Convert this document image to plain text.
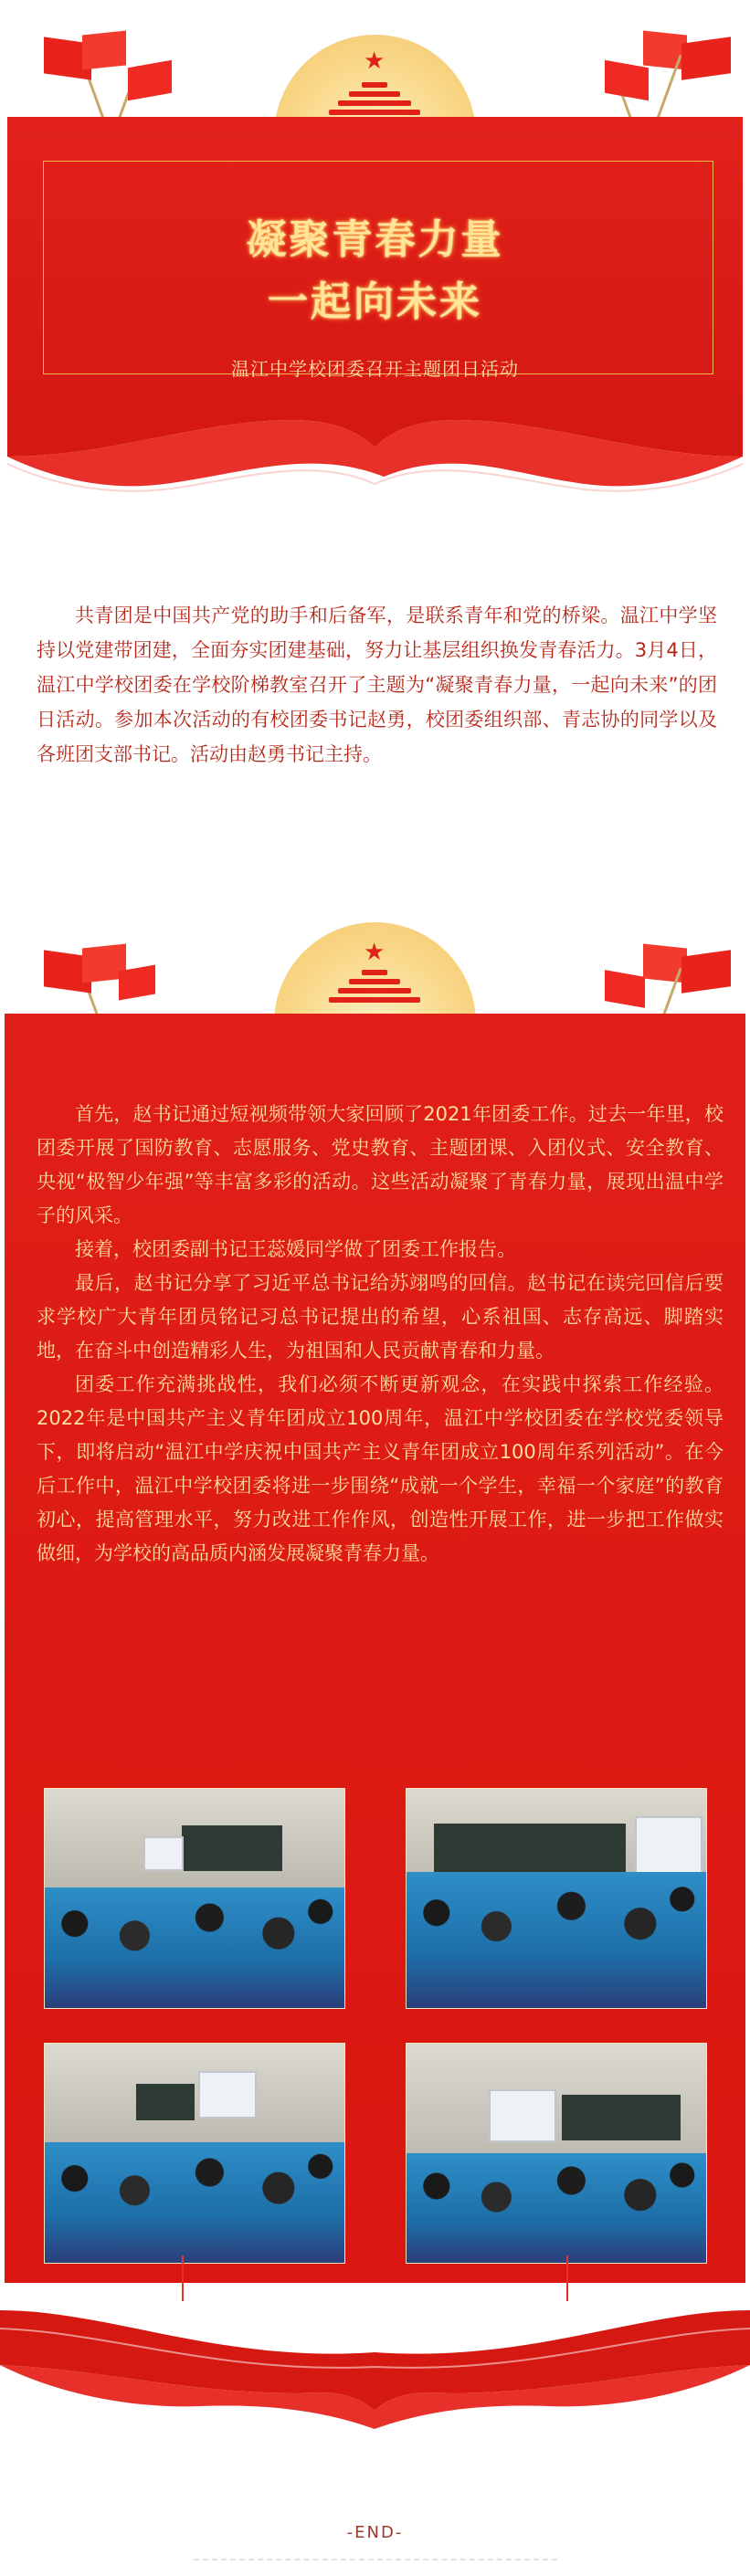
★
凝聚青春力量
一起向未来
温江中学校团委召开主题团日活动

共青团是中国共产党的助手和后备军，是联系青年和党的桥梁。温江中学坚持以党建带团建，全面夯实团建基础，努力让基层组织换发青春活力。3月4日，温江中学校团委在学校阶梯教室召开了主题为“凝聚青春力量，一起向未来”的团日活动。参加本次活动的有校团委书记赵勇，校团委组织部、青志协的同学以及各班团支部书记。活动由赵勇书记主持。

★

首先，赵书记通过短视频带领大家回顾了2021年团委工作。过去一年里，校团委开展了国防教育、志愿服务、党史教育、主题团课、入团仪式、安全教育、央视“极智少年强”等丰富多彩的活动。这些活动凝聚了青春力量，展现出温中学子的风采。

接着，校团委副书记王蕊媛同学做了团委工作报告。

最后，赵书记分享了习近平总书记给苏翊鸣的回信。赵书记在读完回信后要求学校广大青年团员铭记习总书记提出的希望，心系祖国、志存高远、脚踏实地，在奋斗中创造精彩人生，为祖国和人民贡献青春和力量。

团委工作充满挑战性，我们必须不断更新观念，在实践中探索工作经验。2022年是中国共产主义青年团成立100周年，温江中学校团委在学校党委领导下，即将启动“温江中学庆祝中国共产主义青年团成立100周年系列活动”。在今后工作中，温江中学校团委将进一步围绕“成就一个学生，幸福一个家庭”的教育初心，提高管理水平，努力改进工作作风，创造性开展工作，进一步把工作做实做细，为学校的高品质内涵发展凝聚青春力量。

-END-
